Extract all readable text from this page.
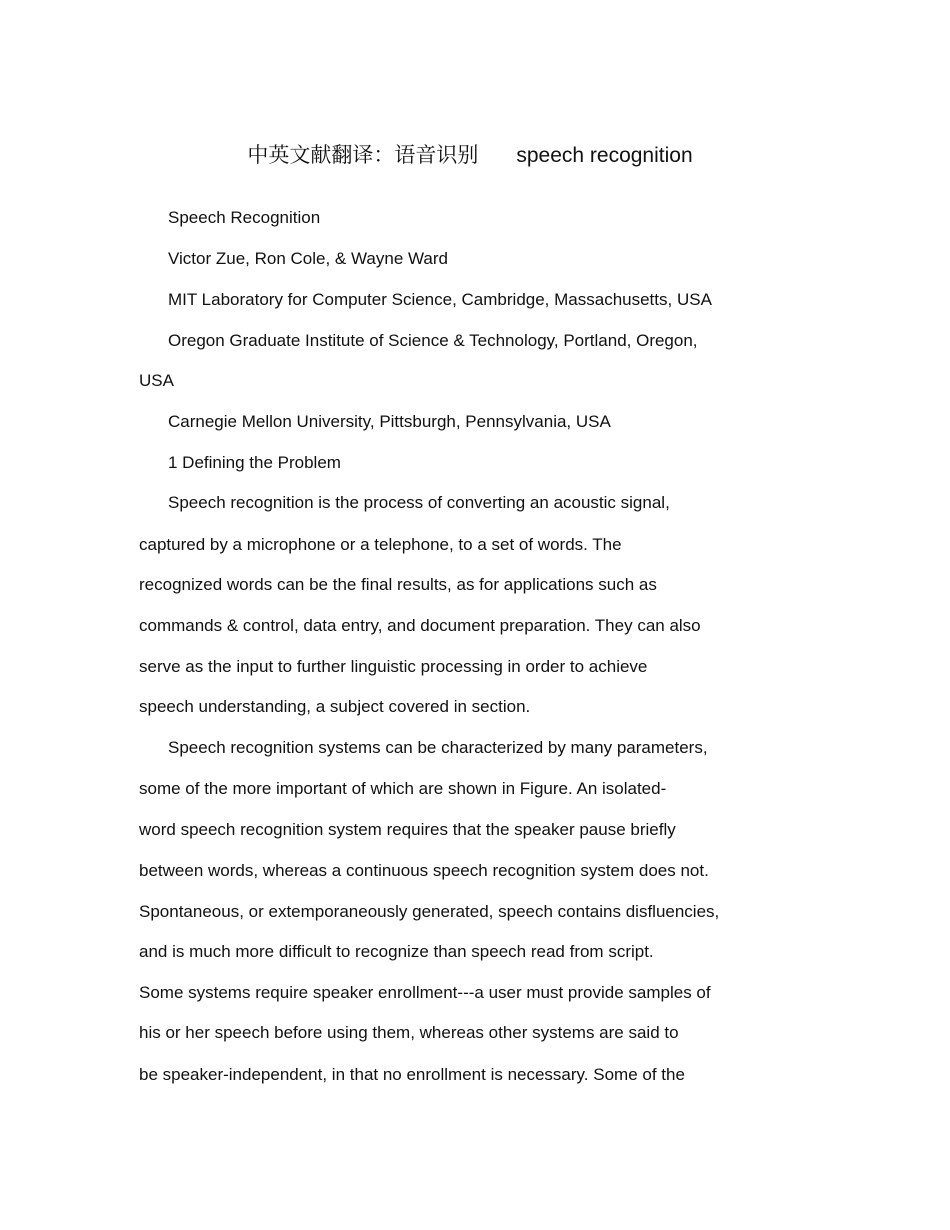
中英文献翻译：语音识别 speech recognition
Speech Recognition
Victor Zue, Ron Cole, & Wayne Ward
MIT Laboratory for Computer Science, Cambridge, Massachusetts, USA
Oregon Graduate Institute of Science & Technology, Portland, Oregon,
USA
Carnegie Mellon University, Pittsburgh, Pennsylvania, USA
1 Defining the Problem
Speech recognition is the process of converting an acoustic signal,
captured by a microphone or a telephone, to a set of words. The
recognized words can be the final results, as for applications such as
commands & control, data entry, and document preparation. They can also
serve as the input to further linguistic processing in order to achieve
speech understanding, a subject covered in section.
Speech recognition systems can be characterized by many parameters,
some of the more important of which are shown in Figure. An isolated-
word speech recognition system requires that the speaker pause briefly
between words, whereas a continuous speech recognition system does not.
Spontaneous, or extemporaneously generated, speech contains disfluencies,
and is much more difficult to recognize than speech read from script.
Some systems require speaker enrollment---a user must provide samples of
his or her speech before using them, whereas other systems are said to
be speaker-independent, in that no enrollment is necessary. Some of the
